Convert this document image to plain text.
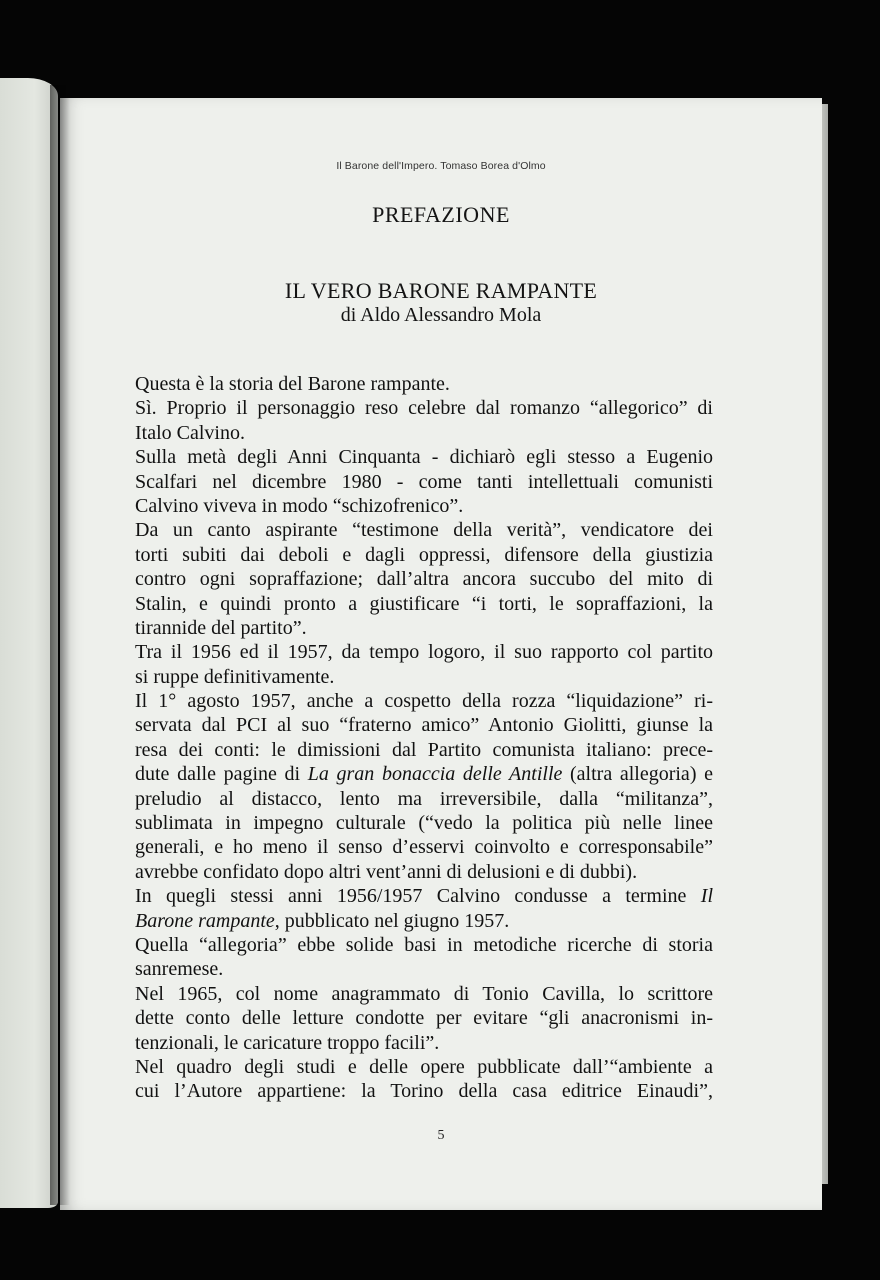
Il Barone dell'Impero. Tomaso Borea d'Olmo
PREFAZIONE
IL VERO BARONE RAMPANTE
di Aldo Alessandro Mola
Questa è la storia del Barone rampante.
Sì. Proprio il personaggio reso celebre dal romanzo “allegorico” di
Italo Calvino.
Sulla metà degli Anni Cinquanta - dichiarò egli stesso a Eugenio
Scalfari nel dicembre 1980 - come tanti intellettuali comunisti
Calvino viveva in modo “schizofrenico”.
Da un canto aspirante “testimone della verità”, vendicatore dei
torti subiti dai deboli e dagli oppressi, difensore della giustizia
contro ogni sopraffazione; dall’altra ancora succubo del mito di
Stalin, e quindi pronto a giustificare “i torti, le sopraffazioni, la
tirannide del partito”.
Tra il 1956 ed il 1957, da tempo logoro, il suo rapporto col partito
si ruppe definitivamente.
Il 1° agosto 1957, anche a cospetto della rozza “liquidazione” ri-
servata dal PCI al suo “fraterno amico” Antonio Giolitti, giunse la
resa dei conti: le dimissioni dal Partito comunista italiano: prece-
dute dalle pagine di La gran bonaccia delle Antille (altra allegoria) e
preludio al distacco, lento ma irreversibile, dalla “militanza”,
sublimata in impegno culturale (“vedo la politica più nelle linee
generali, e ho meno il senso d’esservi coinvolto e corresponsabile”
avrebbe confidato dopo altri vent’anni di delusioni e di dubbi).
In quegli stessi anni 1956/1957 Calvino condusse a termine Il
Barone rampante, pubblicato nel giugno 1957.
Quella “allegoria” ebbe solide basi in metodiche ricerche di storia
sanremese.
Nel 1965, col nome anagrammato di Tonio Cavilla, lo scrittore
dette conto delle letture condotte per evitare “gli anacronismi in-
tenzionali, le caricature troppo facili”.
Nel quadro degli studi e delle opere pubblicate dall’“ambiente a
cui l’Autore appartiene: la Torino della casa editrice Einaudi”,
5
